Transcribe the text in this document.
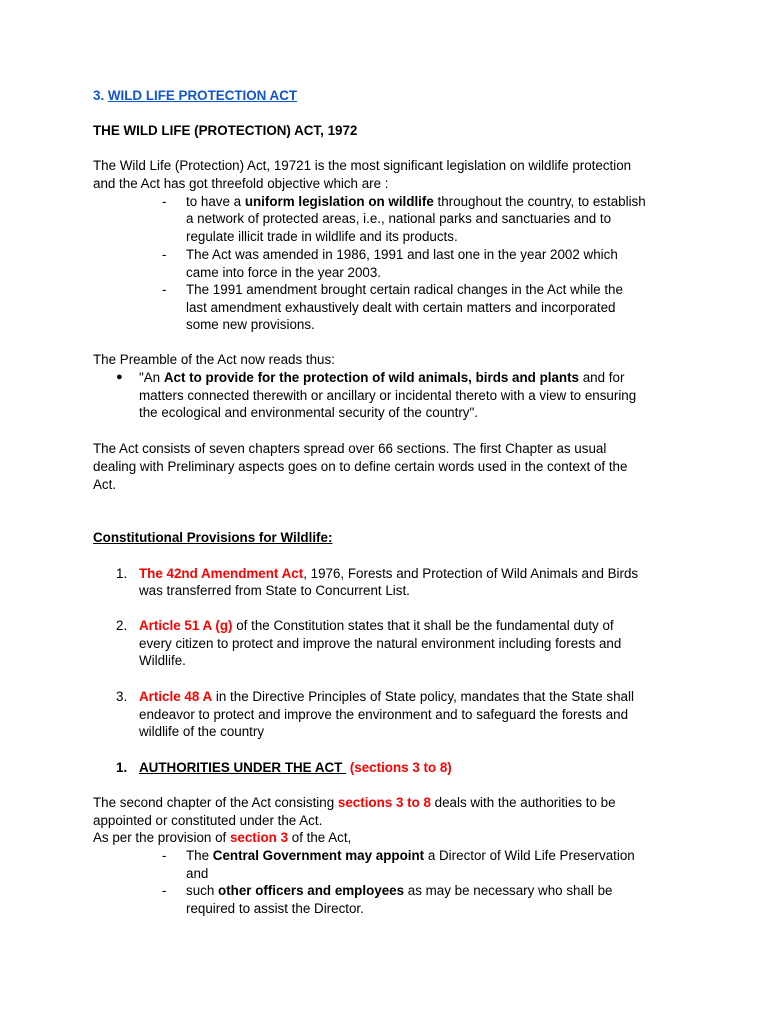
3. WILD LIFE PROTECTION ACT
THE WILD LIFE (PROTECTION) ACT, 1972
The Wild Life (Protection) Act, 19721 is the most significant legislation on wildlife protection
and the Act has got threefold objective which are :
- to have a uniform legislation on wildlife throughout the country, to establish
a network of protected areas, i.e., national parks and sanctuaries and to
regulate illicit trade in wildlife and its products.
- The Act was amended in 1986, 1991 and last one in the year 2002 which
came into force in the year 2003.
- The 1991 amendment brought certain radical changes in the Act while the
last amendment exhaustively dealt with certain matters and incorporated
some new provisions.
The Preamble of the Act now reads thus:
● "An Act to provide for the protection of wild animals, birds and plants and for
matters connected therewith or ancillary or incidental thereto with a view to ensuring
the ecological and environmental security of the country".
The Act consists of seven chapters spread over 66 sections. The first Chapter as usual
dealing with Preliminary aspects goes on to define certain words used in the context of the
Act.
Constitutional Provisions for Wildlife:
1. The 42nd Amendment Act, 1976, Forests and Protection of Wild Animals and Birds
was transferred from State to Concurrent List.
2. Article 51 A (g) of the Constitution states that it shall be the fundamental duty of
every citizen to protect and improve the natural environment including forests and
Wildlife.
3. Article 48 A in the Directive Principles of State policy, mandates that the State shall
endeavor to protect and improve the environment and to safeguard the forests and
wildlife of the country
1. AUTHORITIES UNDER THE ACT (sections 3 to 8)
The second chapter of the Act consisting sections 3 to 8 deals with the authorities to be
appointed or constituted under the Act.
As per the provision of section 3 of the Act,
- The Central Government may appoint a Director of Wild Life Preservation
and
- such other officers and employees as may be necessary who shall be
required to assist the Director.
